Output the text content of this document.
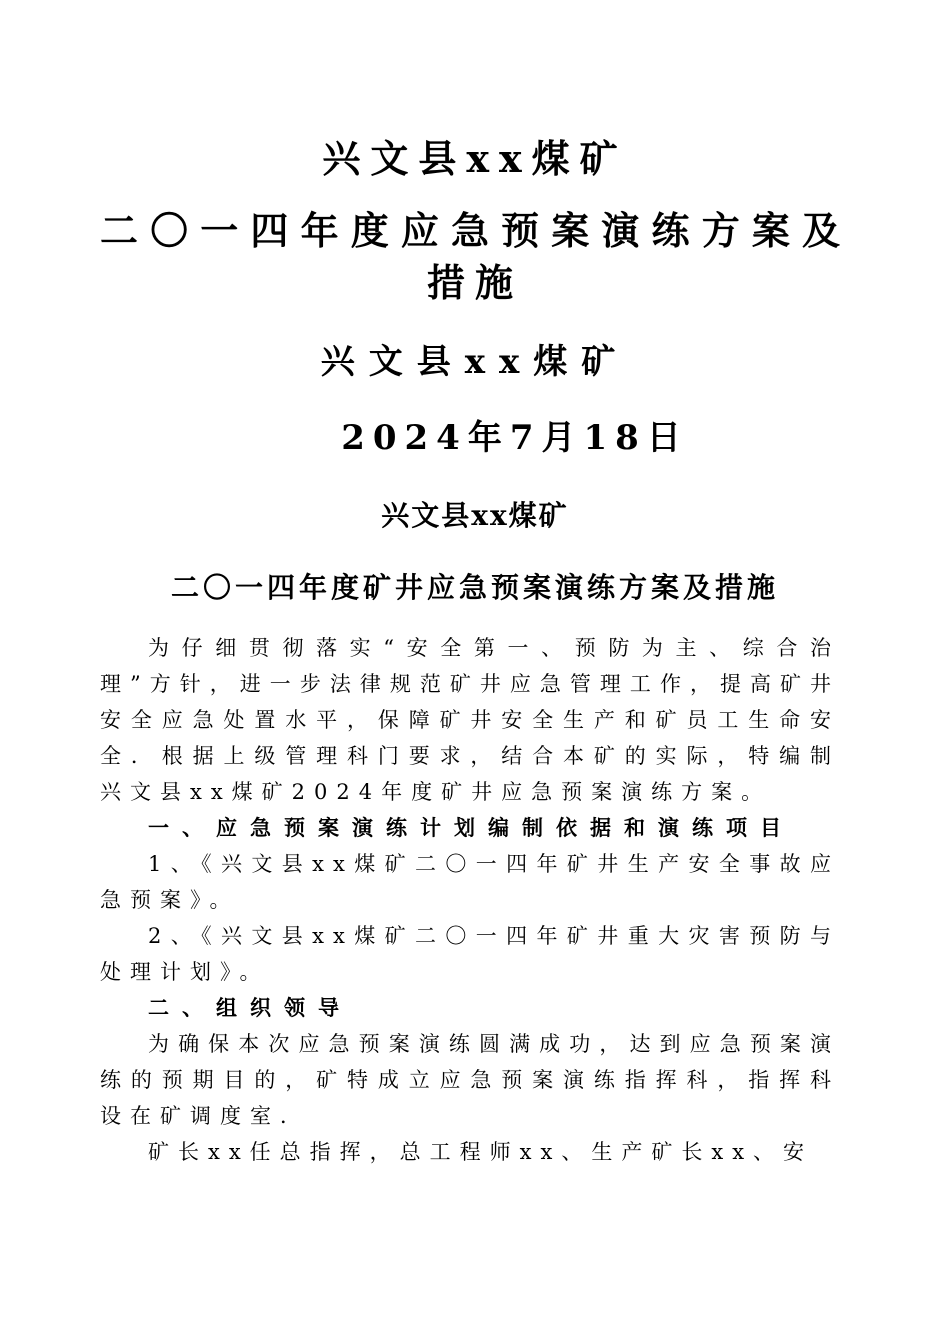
兴文县xx煤矿
二〇一四年度应急预案演练方案及措施
兴文县xx煤矿
2024年7月18日
兴文县xx煤矿
二〇一四年度矿井应急预案演练方案及措施

为仔细贯彻落实“安全第一、预防为主、综合治理”方针，进一步法律规范矿井应急管理工作，提高矿井安全应急处置水平，保障矿井安全生产和矿员工生命安全．根据上级管理科门要求，结合本矿的实际，特编制兴文县xx煤矿2024年度矿井应急预案演练方案。

一、应急预案演练计划编制依据和演练项目

1、《兴文县xx煤矿二〇一四年矿井生产安全事故应急预案》。

2、《兴文县xx煤矿二〇一四年矿井重大灾害预防与处理计划》。

二、组织领导

为确保本次应急预案演练圆满成功，达到应急预案演练的预期目的，矿特成立应急预案演练指挥科，指挥科设在矿调度室．

矿长xx任总指挥，总工程师xx、生产矿长xx、安
